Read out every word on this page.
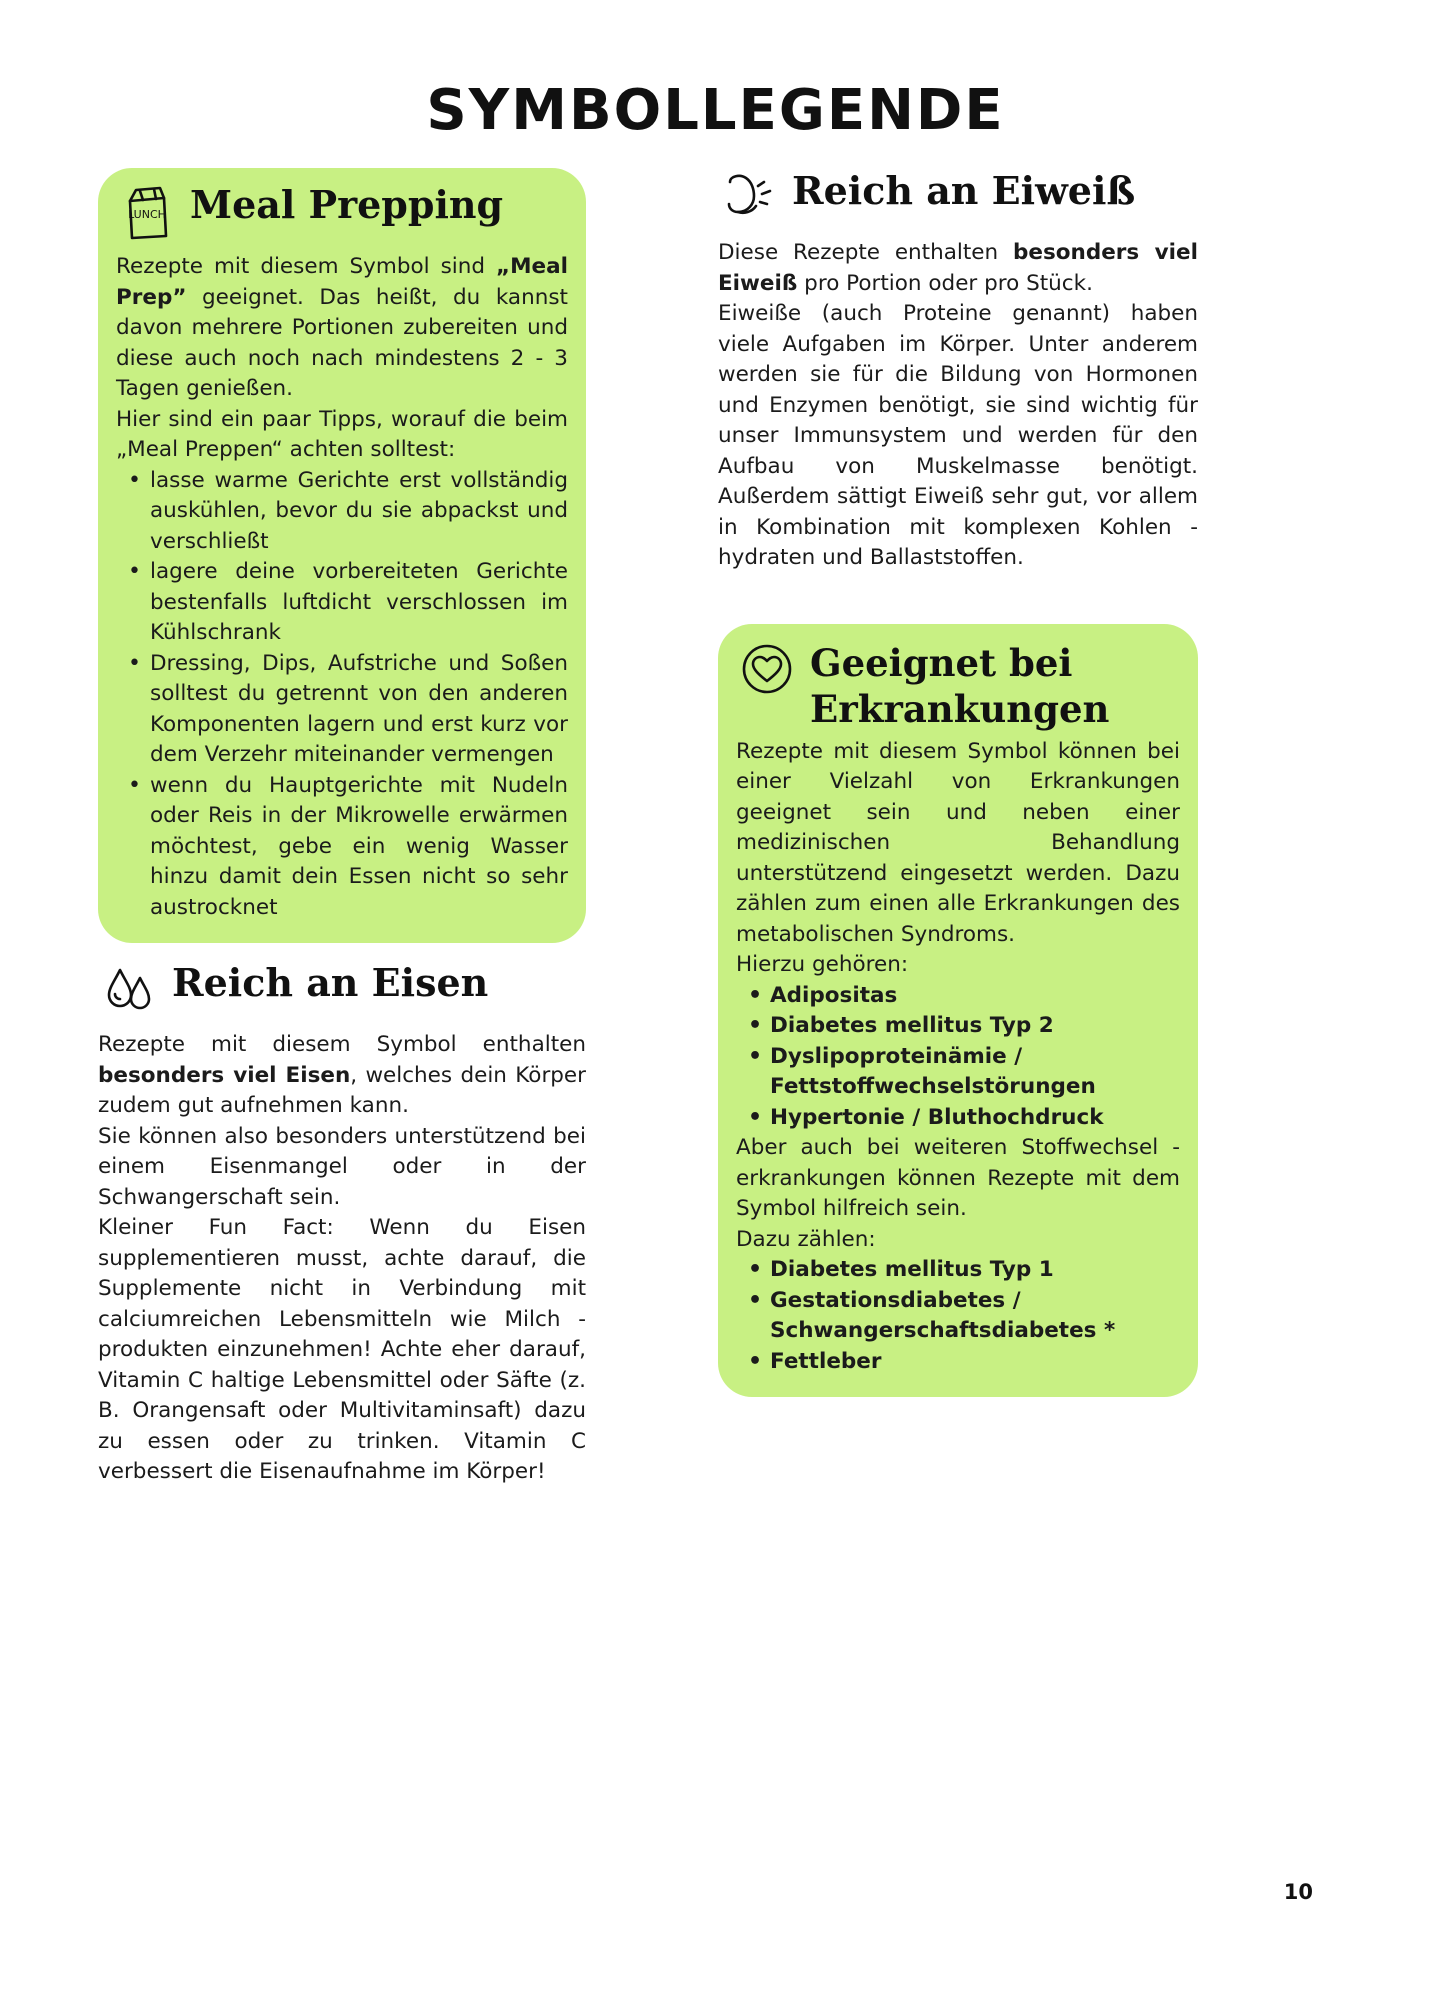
SYMBOLLEGENDE
LUNCH Meal Prepping

Rezepte mit diesem Symbol sind „Meal Prep” geeignet. Das heißt, du kannst davon mehrere Portionen zubereiten und diese auch noch nach mindestens 2 - 3 Tagen genießen.

Hier sind ein paar Tipps, worauf die beim „Meal Preppen“ achten solltest:

• lasse warme Gerichte erst vollständig auskühlen, bevor du sie abpackst und verschließt
• lagere deine vorbereiteten Gerichte bestenfalls luftdicht verschlossen im Kühlschrank
• Dressing, Dips, Aufstriche und Soßen solltest du getrennt von den anderen Komponenten lagern und erst kurz vor dem Verzehr miteinander vermengen
• wenn du Hauptgerichte mit Nudeln oder Reis in der Mikrowelle erwärmen möchtest, gebe ein wenig Wasser hinzu damit dein Essen nicht so sehr austrocknet
Reich an Eisen

Rezepte mit diesem Symbol enthalten besonders viel Eisen, welches dein Körper zudem gut aufnehmen kann.

Sie können also besonders unterstützend bei einem Eisenmangel oder in der Schwangerschaft sein.

Kleiner Fun Fact: Wenn du Eisen supplementieren musst, achte darauf, die Supplemente nicht in Verbindung mit calciumreichen Lebensmitteln wie Milch - produkten einzunehmen! Achte eher darauf, Vitamin C haltige Lebensmittel oder Säfte (z. B. Orangensaft oder Multivitaminsaft) dazu zu essen oder zu trinken. Vitamin C verbessert die Eisenaufnahme im Körper!

Reich an Eiweiß

Diese Rezepte enthalten besonders viel Eiweiß pro Portion oder pro Stück.

Eiweiße (auch Proteine genannt) haben viele Aufgaben im Körper. Unter anderem werden sie für die Bildung von Hormonen und Enzymen benötigt, sie sind wichtig für unser Immunsystem und werden für den Aufbau von Muskelmasse benötigt. Außerdem sättigt Eiweiß sehr gut, vor allem in Kombination mit komplexen Kohlen - hydraten und Ballaststoffen.

Geeignet bei Erkrankungen

Rezepte mit diesem Symbol können bei einer Vielzahl von Erkrankungen geeignet sein und neben einer medizinischen Behandlung unterstützend eingesetzt werden. Dazu zählen zum einen alle Erkrankungen des metabolischen Syndroms.

Hierzu gehören:

• Adipositas
• Diabetes mellitus Typ 2
• Dyslipoproteinämie / Fettstoffwechselstörungen
• Hypertonie / Bluthochdruck

Aber auch bei weiteren Stoffwechsel - erkrankungen können Rezepte mit dem Symbol hilfreich sein.

Dazu zählen:

• Diabetes mellitus Typ 1
• Gestationsdiabetes / Schwangerschaftsdiabetes *
• Fettleber
10
